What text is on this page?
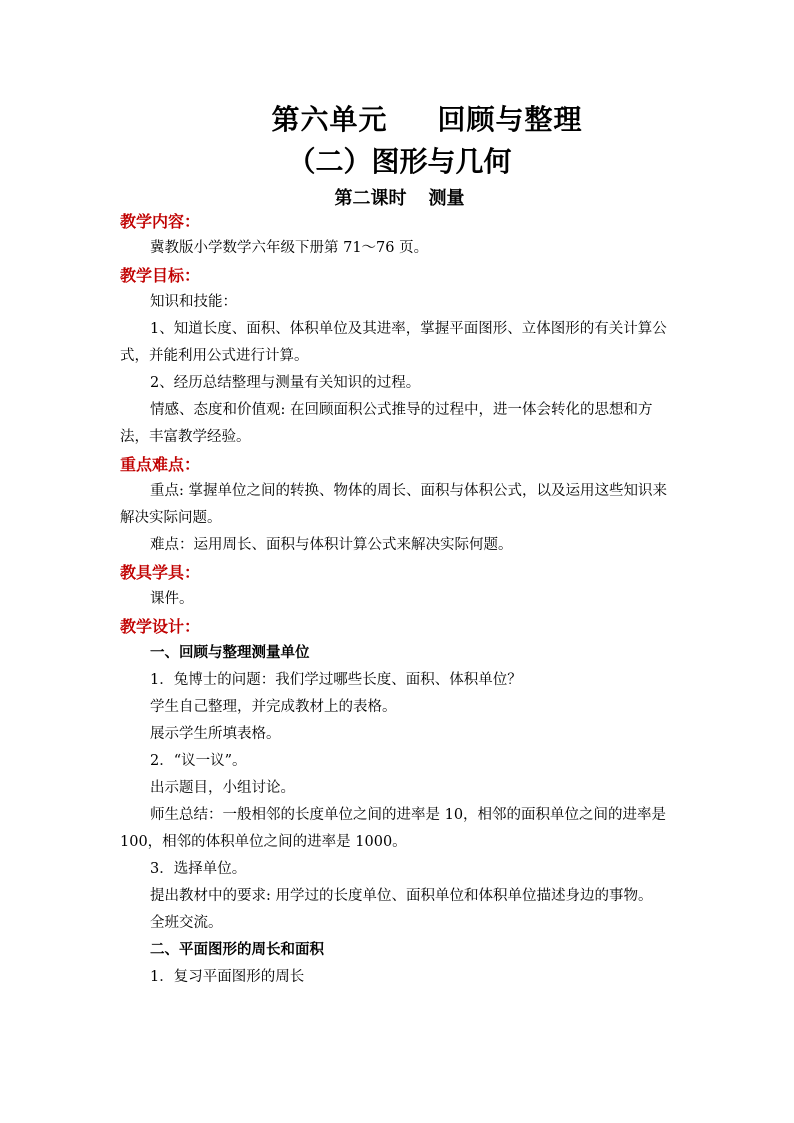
第六单元 回顾与整理
（二）图形与几何
第二课时 测量
教学内容：

冀教版小学数学六年级下册第 71～76 页。

教学目标：

知识和技能：

1、知道长度、面积、体积单位及其进率，掌握平面图形、立体图形的有关计算公式，并能利用公式进行计算。

2、经历总结整理与测量有关知识的过程。

情感、态度和价值观: 在回顾面积公式推导的过程中，进一体会转化的思想和方法，丰富教学经验。

重点难点：

重点: 掌握单位之间的转换、物体的周长、面积与体积公式，以及运用这些知识来解决实际问题。

难点：运用周长、面积与体积计算公式来解决实际何题。

教具学具：

课件。

教学设计：
一、回顾与整理测量单位

1．兔博士的问题：我们学过哪些长度、面积、体积单位？

学生自己整理，并完成教材上的表格。

展示学生所填表格。

2．“议一议”。

出示题目，小组讨论。

师生总结：一般相邻的长度单位之间的进率是 10，相邻的面积单位之间的进率是 100，相邻的体积单位之间的进率是 1000。

3．选择单位。

提出教材中的要求: 用学过的长度单位、面积单位和体积单位描述身边的事物。

全班交流。

二、平面图形的周长和面积

1．复习平面图形的周长
